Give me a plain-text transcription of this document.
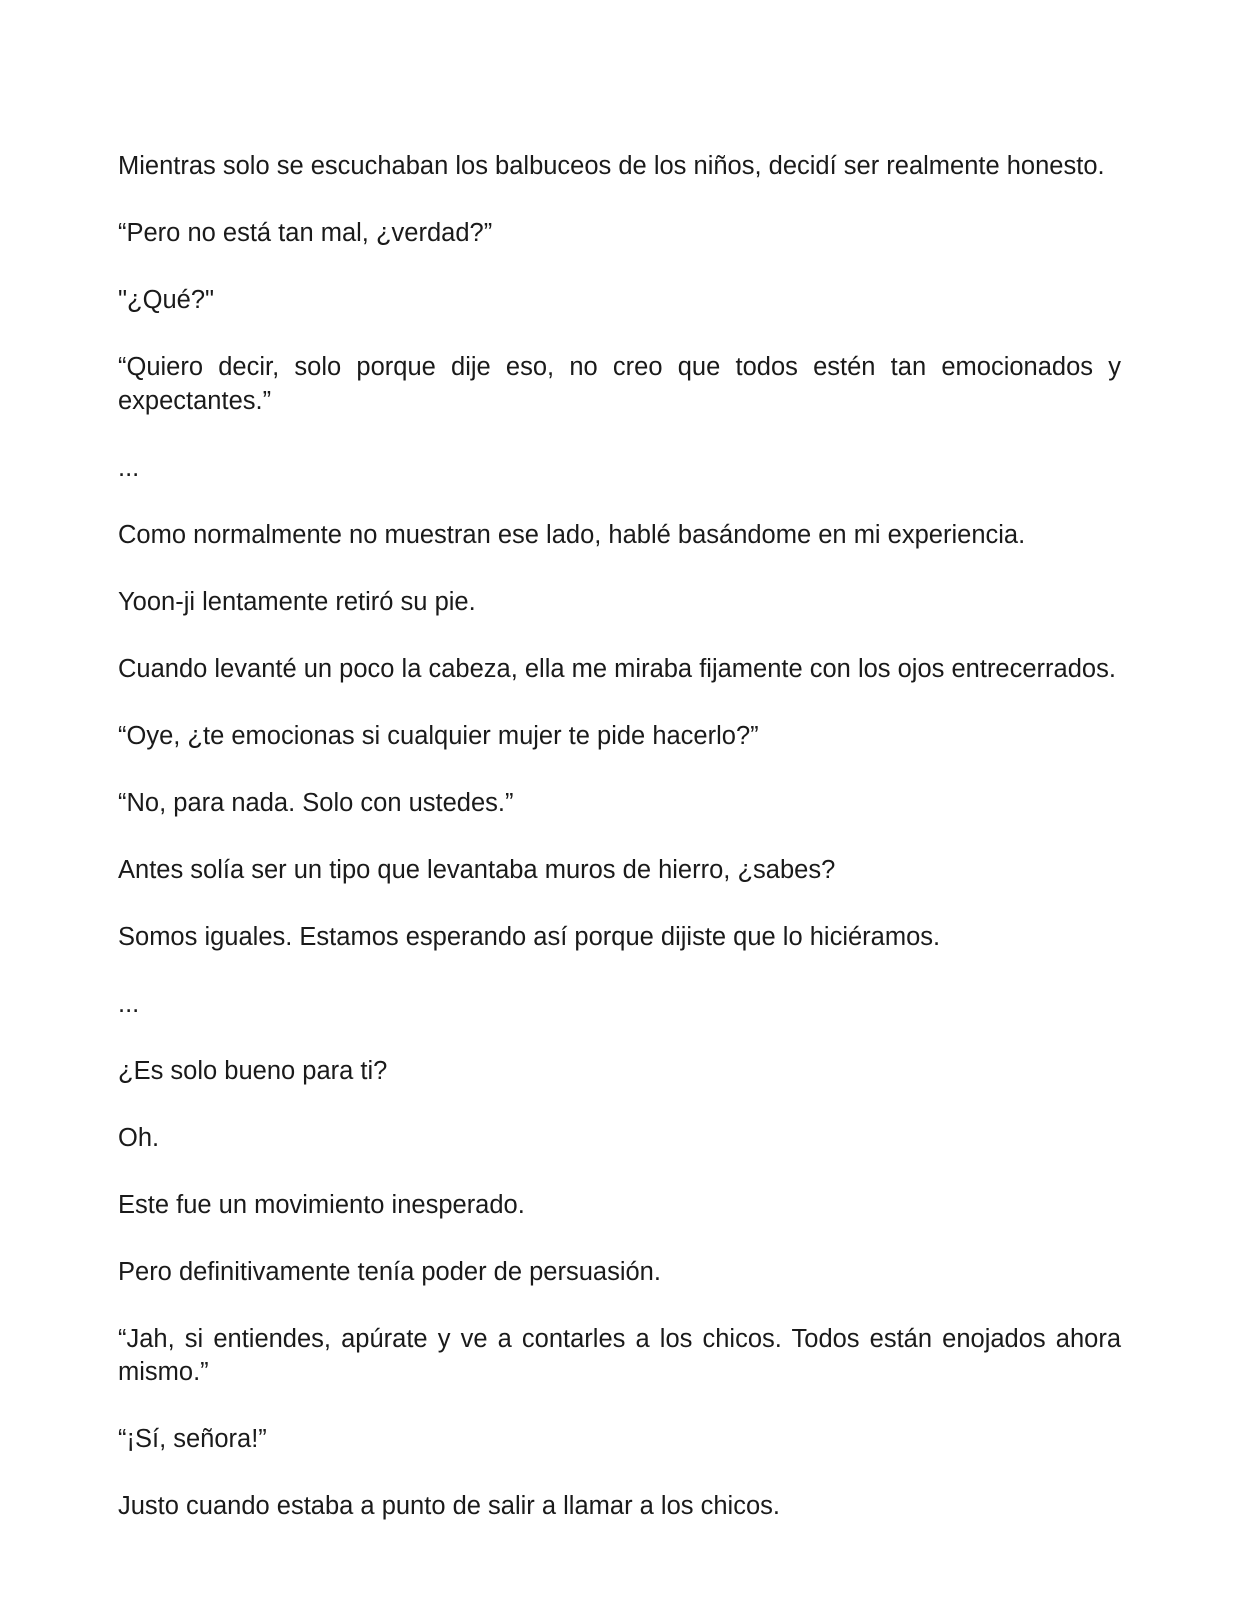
Mientras solo se escuchaban los balbuceos de los niños, decidí ser realmente honesto.

“Pero no está tan mal, ¿verdad?”

"¿Qué?"

“Quiero decir, solo porque dije eso, no creo que todos estén tan emocionados y expectantes.”

...

Como normalmente no muestran ese lado, hablé basándome en mi experiencia.

Yoon-ji lentamente retiró su pie.

Cuando levanté un poco la cabeza, ella me miraba fijamente con los ojos entrecerrados.

“Oye, ¿te emocionas si cualquier mujer te pide hacerlo?”

“No, para nada. Solo con ustedes.”

Antes solía ser un tipo que levantaba muros de hierro, ¿sabes?

Somos iguales. Estamos esperando así porque dijiste que lo hiciéramos.

...

¿Es solo bueno para ti?

Oh.

Este fue un movimiento inesperado.

Pero definitivamente tenía poder de persuasión.

“Jah, si entiendes, apúrate y ve a contarles a los chicos. Todos están enojados ahora mismo.”

“¡Sí, señora!”

Justo cuando estaba a punto de salir a llamar a los chicos.
